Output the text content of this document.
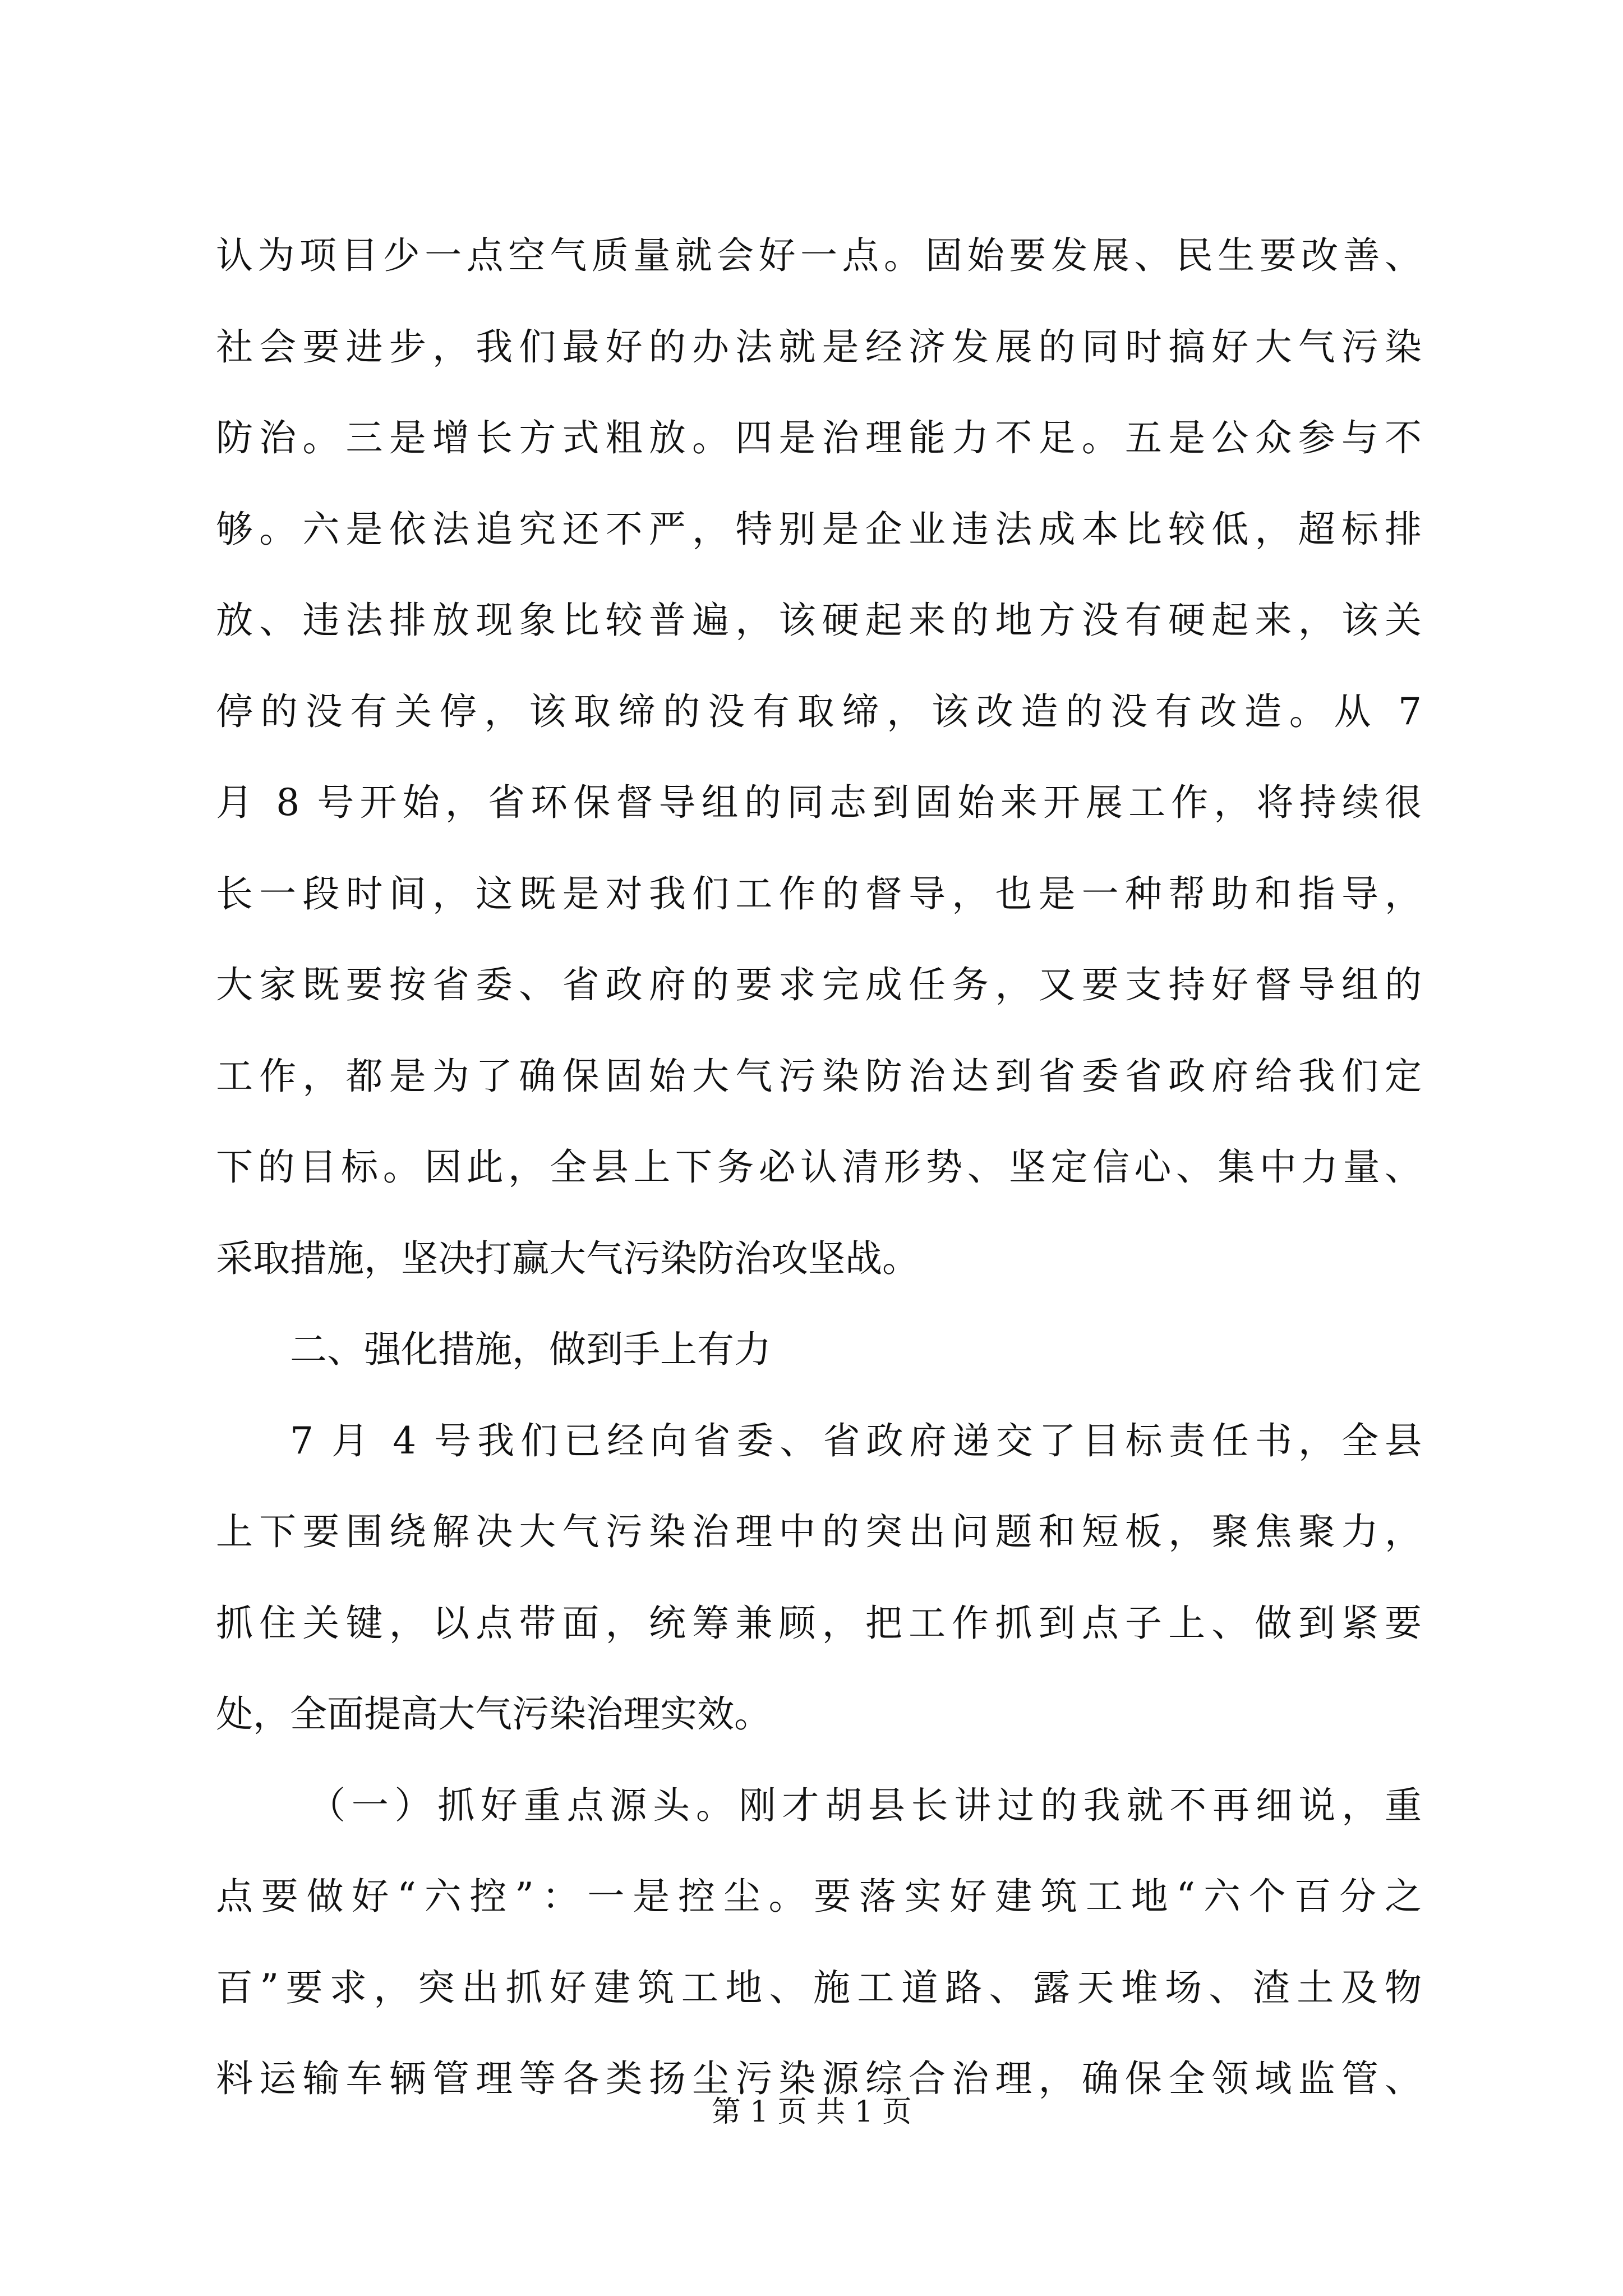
认为项目少一点空气质量就会好一点。固始要发展、民生要改善、
社会要进步，我们最好的办法就是经济发展的同时搞好大气污染
防治。三是增长方式粗放。四是治理能力不足。五是公众参与不
够。六是依法追究还不严，特别是企业违法成本比较低，超标排
放、违法排放现象比较普遍，该硬起来的地方没有硬起来，该关
停的没有关停，该取缔的没有取缔，该改造的没有改造。从 7
月 8 号开始，省环保督导组的同志到固始来开展工作，将持续很
长一段时间，这既是对我们工作的督导，也是一种帮助和指导，
大家既要按省委、省政府的要求完成任务，又要支持好督导组的
工作，都是为了确保固始大气污染防治达到省委省政府给我们定
下的目标。因此，全县上下务必认清形势、坚定信心、集中力量、
采取措施，坚决打赢大气污染防治攻坚战。
二、强化措施，做到手上有力
7 月 4 号我们已经向省委、省政府递交了目标责任书，全县
上下要围绕解决大气污染治理中的突出问题和短板，聚焦聚力，
抓住关键，以点带面，统筹兼顾，把工作抓到点子上、做到紧要
处，全面提高大气污染治理实效。
（一）抓好重点源头。刚才胡县长讲过的我就不再细说，重
点要做好“六控”：一是控尘。要落实好建筑工地“六个百分之
百”要求，突出抓好建筑工地、施工道路、露天堆场、渣土及物
料运输车辆管理等各类扬尘污染源综合治理，确保全领域监管、
第 1 页 共 1 页
